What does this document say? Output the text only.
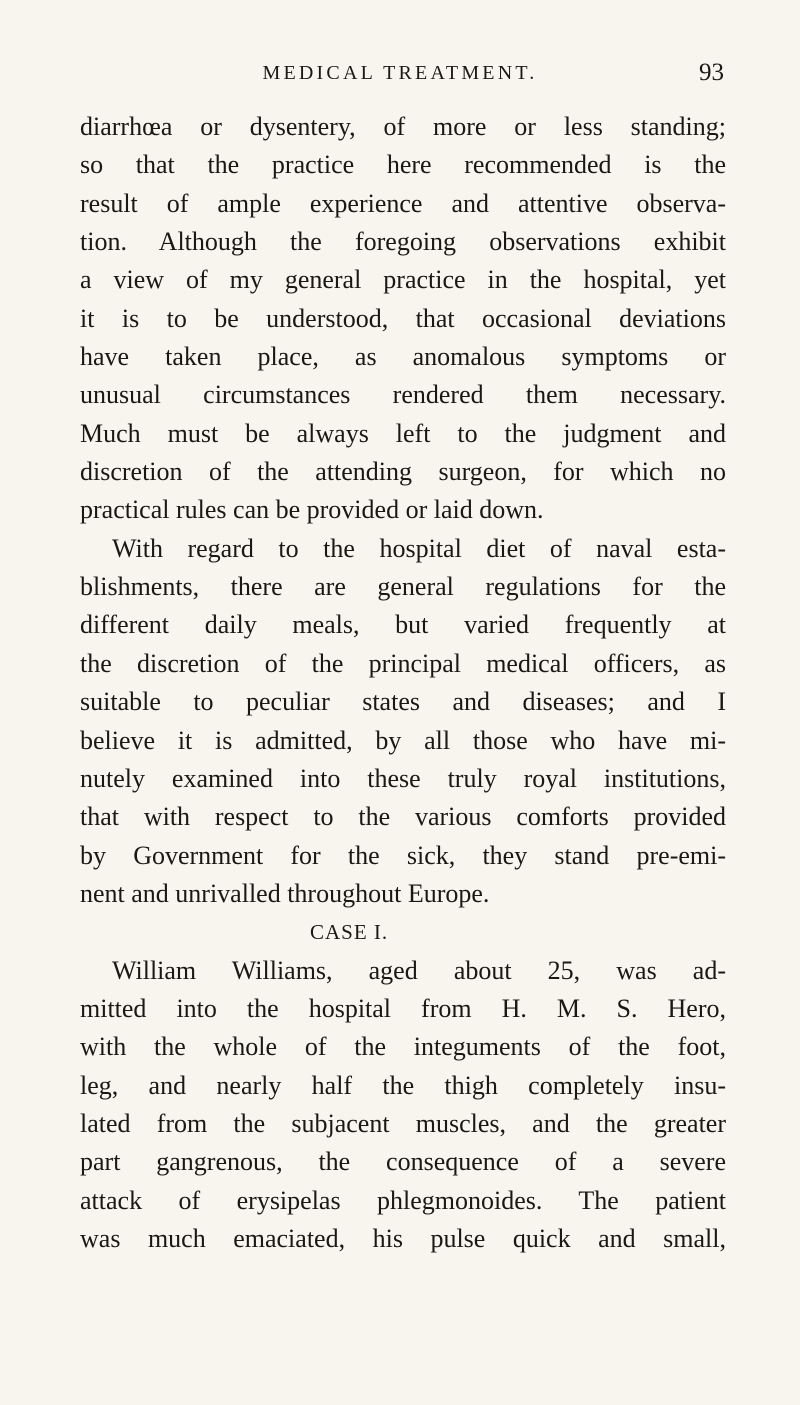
MEDICAL TREATMENT.	93
diarrhœa or dysentery, of more or less standing;
so that the practice here recommended is the
result of ample experience and attentive observa-
tion. Although the foregoing observations exhibit
a view of my general practice in the hospital, yet
it is to be understood, that occasional deviations
have taken place, as anomalous symptoms or
unusual circumstances rendered them necessary.
Much must be always left to the judgment and
discretion of the attending surgeon, for which no
practical rules can be provided or laid down.
With regard to the hospital diet of naval esta-
blishments, there are general regulations for the
different daily meals, but varied frequently at
the discretion of the principal medical officers, as
suitable to peculiar states and diseases; and I
believe it is admitted, by all those who have mi-
nutely examined into these truly royal institutions,
that with respect to the various comforts provided
by Government for the sick, they stand pre-emi-
nent and unrivalled throughout Europe.
CASE I.
William Williams, aged about 25, was ad-
mitted into the hospital from H. M. S. Hero,
with the whole of the integuments of the foot,
leg, and nearly half the thigh completely insu-
lated from the subjacent muscles, and the greater
part gangrenous, the consequence of a severe
attack of erysipelas phlegmonoides. The patient
was much emaciated, his pulse quick and small,
